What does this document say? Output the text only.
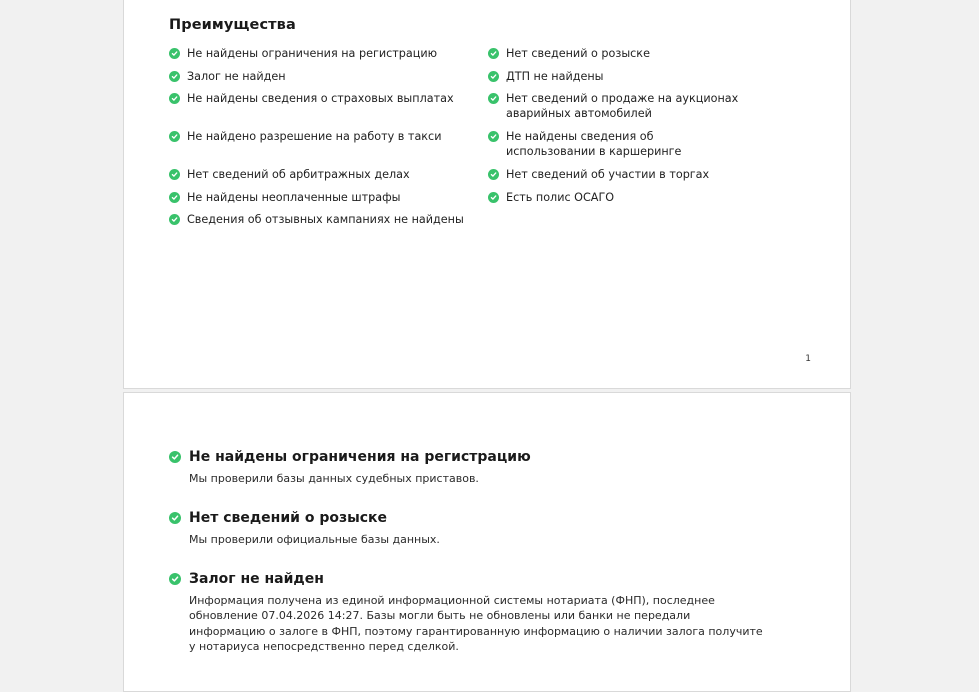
Преимущества
Не найдены ограничения на регистрацию
Залог не найден
Не найдены сведения о страховых выплатах
Не найдено разрешение на работу в такси
Нет сведений об арбитражных делах
Не найдены неоплаченные штрафы
Сведения об отзывных кампаниях не найдены
Нет сведений о розыске
ДТП не найдены
Нет сведений о продаже на аукционах аварийных автомобилей
Не найдены сведения об использовании в каршеринге
Нет сведений об участии в торгах
Есть полис ОСАГО
1
Не найдены ограничения на регистрацию

Мы проверили базы данных судебных приставов.

Нет сведений о розыске

Мы проверили официальные базы данных.

Залог не найден

Информация получена из единой информационной системы нотариата (ФНП), последнее обновление 07.04.2026 14:27. Базы могли быть не обновлены или банки не передали информацию о залоге в ФНП, поэтому гарантированную информацию о наличии залога получите у нотариуса непосредственно перед сделкой.
